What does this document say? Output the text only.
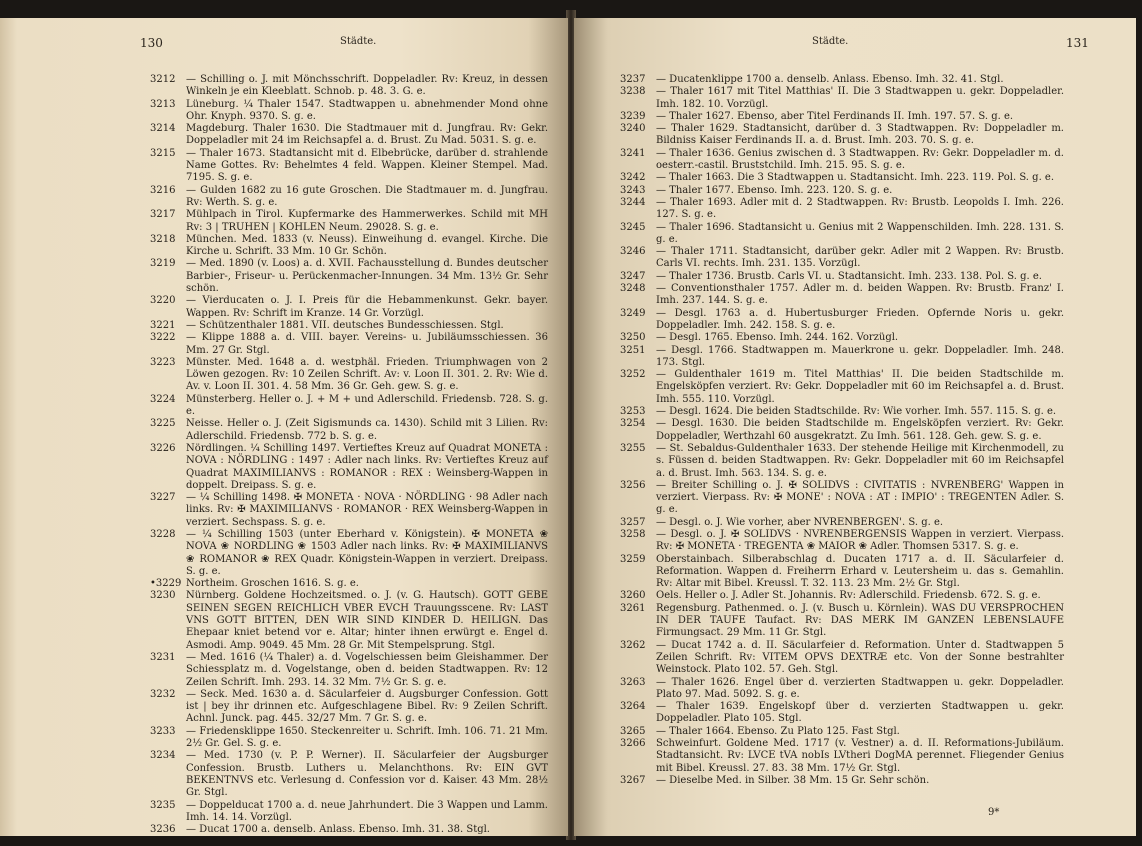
130	Städte.
3212	— Schilling o. J. mit Mönchsschrift. Doppeladler. Rv: Kreuz, in dessen Winkeln je ein Kleeblatt. Schnob. p. 48. 3. G. e.
3213	Lüneburg. ¼ Thaler 1547. Stadtwappen u. abnehmender Mond ohne Ohr. Knyph. 9370. S. g. e.
3214	Magdeburg. Thaler 1630. Die Stadtmauer mit d. Jungfrau. Rv: Gekr. Doppeladler mit 24 im Reichsapfel a. d. Brust. Zu Mad. 5031. S. g. e.
3215	— Thaler 1673. Stadtansicht mit d. Elbebrücke, darüber d. strahlende Name Gottes. Rv: Behelmtes 4 feld. Wappen. Kleiner Stempel. Mad. 7195. S. g. e.
3216	— Gulden 1682 zu 16 gute Groschen. Die Stadtmauer m. d. Jungfrau. Rv: Werth. S. g. e.
3217	Mühlpach in Tirol. Kupfermarke des Hammerwerkes. Schild mit MH Rv: 3 | TRUHEN | KOHLEN Neum. 29028. S. g. e.
3218	München. Med. 1833 (v. Neuss). Einweihung d. evangel. Kirche. Die Kirche u. Schrift. 33 Mm. 10 Gr. Schön.
3219	— Med. 1890 (v. Loos) a. d. XVII. Fachausstellung d. Bundes deutscher Barbier-, Friseur- u. Perückenmacher-Innungen. 34 Mm. 13½ Gr. Sehr schön.
3220	— Vierducaten o. J. I. Preis für die Hebammenkunst. Gekr. bayer. Wappen. Rv: Schrift im Kranze. 14 Gr. Vorzügl.
3221	— Schützenthaler 1881. VII. deutsches Bundesschiessen. Stgl.
3222	— Klippe 1888 a. d. VIII. bayer. Vereins- u. Jubiläumsschiessen. 36 Mm. 27 Gr. Stgl.
3223	Münster. Med. 1648 a. d. westphäl. Frieden. Triumphwagen von 2 Löwen gezogen. Rv: 10 Zeilen Schrift. Av: v. Loon II. 301. 2. Rv: Wie d. Av. v. Loon II. 301. 4. 58 Mm. 36 Gr. Geh. gew. S. g. e.
3224	Münsterberg. Heller o. J. + M + und Adlerschild. Friedensb. 728. S. g. e.
3225	Neisse. Heller o. J. (Zeit Sigismunds ca. 1430). Schild mit 3 Lilien. Rv: Adlerschild. Friedensb. 772 b. S. g. e.
3226	Nördlingen. ¼ Schilling 1497. Vertieftes Kreuz auf Quadrat MONETA : NOVA : NÖRDLING : 1497 : Adler nach links. Rv: Vertieftes Kreuz auf Quadrat MAXIMILIANVS : ROMANOR : REX : Weinsberg-Wappen in doppelt. Dreipass. S. g. e.
3227	— ¼ Schilling 1498. ✠ MONETA · NOVA · NÖRDLING · 98 Adler nach links. Rv: ✠ MAXIMILIANVS · ROMANOR · REX Weinsberg-Wappen in verziert. Sechspass. S. g. e.
3228	— ¼ Schilling 1503 (unter Eberhard v. Königstein). ✠ MONETA ❀ NOVA ❀ NORDLING ❀ 1503 Adler nach links. Rv: ✠ MAXIMILIANVS ❀ ROMANOR ❀ REX Quadr. Königstein-Wappen in verziert. Dreipass. S. g. e.
•3229 Northeim. Groschen 1616. S. g. e.
3230	Nürnberg. Goldene Hochzeitsmed. o. J. (v. G. Hautsch). GOTT GEBE SEINEN SEGEN REICHLICH VBER EVCH Trauungsscene. Rv: LAST VNS GOTT BITTEN, DEN WIR SIND KINDER D. HEILIGN. Das Ehepaar kniet betend vor e. Altar; hinter ihnen erwürgt e. Engel d. Asmodi. Amp. 9049. 45 Mm. 28 Gr. Mit Stempelsprung. Stgl.
3231	— Med. 1616 (¼ Thaler) a. d. Vogelschiessen beim Gleishammer. Der Schiessplatz m. d. Vogelstange, oben d. beiden Stadtwappen. Rv: 12 Zeilen Schrift. Imh. 293. 14. 32 Mm. 7½ Gr. S. g. e.
3232	— Seck. Med. 1630 a. d. Säcularfeier d. Augsburger Confession. Gott ist | bey ihr drinnen etc. Aufgeschlagene Bibel. Rv: 9 Zeilen Schrift. Achnl. Junck. pag. 445. 32/27 Mm. 7 Gr. S. g. e.
3233	— Friedensklippe 1650. Steckenreiter u. Schrift. Imh. 106. 71. 21 Mm. 2½ Gr. Gel. S. g. e.
3234	— Med. 1730 (v. P. P. Werner). II. Säcularfeier der Augsburger Confession. Brustb. Luthers u. Melanchthons. Rv: EIN GVT BEKENTNVS etc. Verlesung d. Confession vor d. Kaiser. 43 Mm. 28½ Gr. Stgl.
3235	— Doppelducat 1700 a. d. neue Jahrhundert. Die 3 Wappen und Lamm. Imh. 14. 14. Vorzügl.
3236	— Ducat 1700 a. denselb. Anlass. Ebenso. Imh. 31. 38. Stgl.
Städte.	131
3237	— Ducatenklippe 1700 a. denselb. Anlass. Ebenso. Imh. 32. 41. Stgl.
3238	— Thaler 1617 mit Titel Matthias' II. Die 3 Stadtwappen u. gekr. Doppeladler. Imh. 182. 10. Vorzügl.
3239	— Thaler 1627. Ebenso, aber Titel Ferdinands II. Imh. 197. 57. S. g. e.
3240	— Thaler 1629. Stadtansicht, darüber d. 3 Stadtwappen. Rv: Doppeladler m. Bildniss Kaiser Ferdinands II. a. d. Brust. Imh. 203. 70. S. g. e.
3241	— Thaler 1636. Genius zwischen d. 3 Stadtwappen. Rv: Gekr. Doppeladler m. d. oesterr.-castil. Bruststchild. Imh. 215. 95. S. g. e.
3242	— Thaler 1663. Die 3 Stadtwappen u. Stadtansicht. Imh. 223. 119. Pol. S. g. e.
3243	— Thaler 1677. Ebenso. Imh. 223. 120. S. g. e.
3244	— Thaler 1693. Adler mit d. 2 Stadtwappen. Rv: Brustb. Leopolds I. Imh. 226. 127. S. g. e.
3245	— Thaler 1696. Stadtansicht u. Genius mit 2 Wappenschilden. Imh. 228. 131. S. g. e.
3246	— Thaler 1711. Stadtansicht, darüber gekr. Adler mit 2 Wappen. Rv: Brustb. Carls VI. rechts. Imh. 231. 135. Vorzügl.
3247	— Thaler 1736. Brustb. Carls VI. u. Stadtansicht. Imh. 233. 138. Pol. S. g. e.
3248	— Conventionsthaler 1757. Adler m. d. beiden Wappen. Rv: Brustb. Franz' I. Imh. 237. 144. S. g. e.
3249	— Desgl. 1763 a. d. Hubertusburger Frieden. Opfernde Noris u. gekr. Doppeladler. Imh. 242. 158. S. g. e.
3250	— Desgl. 1765. Ebenso. Imh. 244. 162. Vorzügl.
3251	— Desgl. 1766. Stadtwappen m. Mauerkrone u. gekr. Doppeladler. Imh. 248. 173. Stgl.
3252	— Guldenthaler 1619 m. Titel Matthias' II. Die beiden Stadtschilde m. Engelsköpfen verziert. Rv: Gekr. Doppeladler mit 60 im Reichsapfel a. d. Brust. Imh. 555. 110. Vorzügl.
3253	— Desgl. 1624. Die beiden Stadtschilde. Rv: Wie vorher. Imh. 557. 115. S. g. e.
3254	— Desgl. 1630. Die beiden Stadtschilde m. Engelsköpfen verziert. Rv: Gekr. Doppeladler, Werthzahl 60 ausgekratzt. Zu Imh. 561. 128. Geh. gew. S. g. e.
3255	— St. Sebaldus-Guldenthaler 1633. Der stehende Heilige mit Kirchenmodell, zu s. Füssen d. beiden Stadtwappen. Rv: Gekr. Doppeladler mit 60 im Reichsapfel a. d. Brust. Imh. 563. 134. S. g. e.
3256	— Breiter Schilling o. J. ✠ SOLIDVS : CIVITATIS : NVRENBERG' Wappen in verziert. Vierpass. Rv: ✠ MONE' : NOVA : AT : IMPIO' : TREGENTEN Adler. S. g. e.
3257	— Desgl. o. J. Wie vorher, aber NVRENBERGEN'. S. g. e.
3258	— Desgl. o. J. ✠ SOLIDVS · NVRENBERGENSIS Wappen in verziert. Vierpass. Rv: ✠ MONETA · TREGENTA ❀ MAIOR ❀ Adler. Thomsen 5317. S. g. e.
3259	Oberstainbach. Silberabschlag d. Ducaten 1717 a. d. II. Säcularfeier d. Reformation. Wappen d. Freiherrn Erhard v. Leutersheim u. das s. Gemahlin. Rv: Altar mit Bibel. Kreussl. T. 32. 113. 23 Mm. 2½ Gr. Stgl.
3260	Oels. Heller o. J. Adler St. Johannis. Rv: Adlerschild. Friedensb. 672. S. g. e.
3261	Regensburg. Pathenmed. o. J. (v. Busch u. Körnlein). WAS DU VERSPROCHEN IN DER TAUFE Taufact. Rv: DAS MERK IM GANZEN LEBENSLAUFE Firmungsact. 29 Mm. 11 Gr. Stgl.
3262	— Ducat 1742 a. d. II. Säcularfeier d. Reformation. Unter d. Stadtwappen 5 Zeilen Schrift. Rv: VITEM OPVS DEXTRÆ etc. Von der Sonne bestrahlter Weinstock. Plato 102. 57. Geh. Stgl.
3263	— Thaler 1626. Engel über d. verzierten Stadtwappen u. gekr. Doppeladler. Plato 97. Mad. 5092. S. g. e.
3264	— Thaler 1639. Engelskopf über d. verzierten Stadtwappen u. gekr. Doppeladler. Plato 105. Stgl.
3265	— Thaler 1664. Ebenso. Zu Plato 125. Fast Stgl.
3266	Schweinfurt. Goldene Med. 1717 (v. Vestner) a. d. II. Reformations-Jubiläum. Stadtansicht. Rv: LVCE tVA nobIs LVtheri DogMA perennet. Fliegender Genius mit Bibel. Kreussl. 27. 83. 38 Mm. 17½ Gr. Stgl.
3267	— Dieselbe Med. in Silber. 38 Mm. 15 Gr. Sehr schön.
9*
